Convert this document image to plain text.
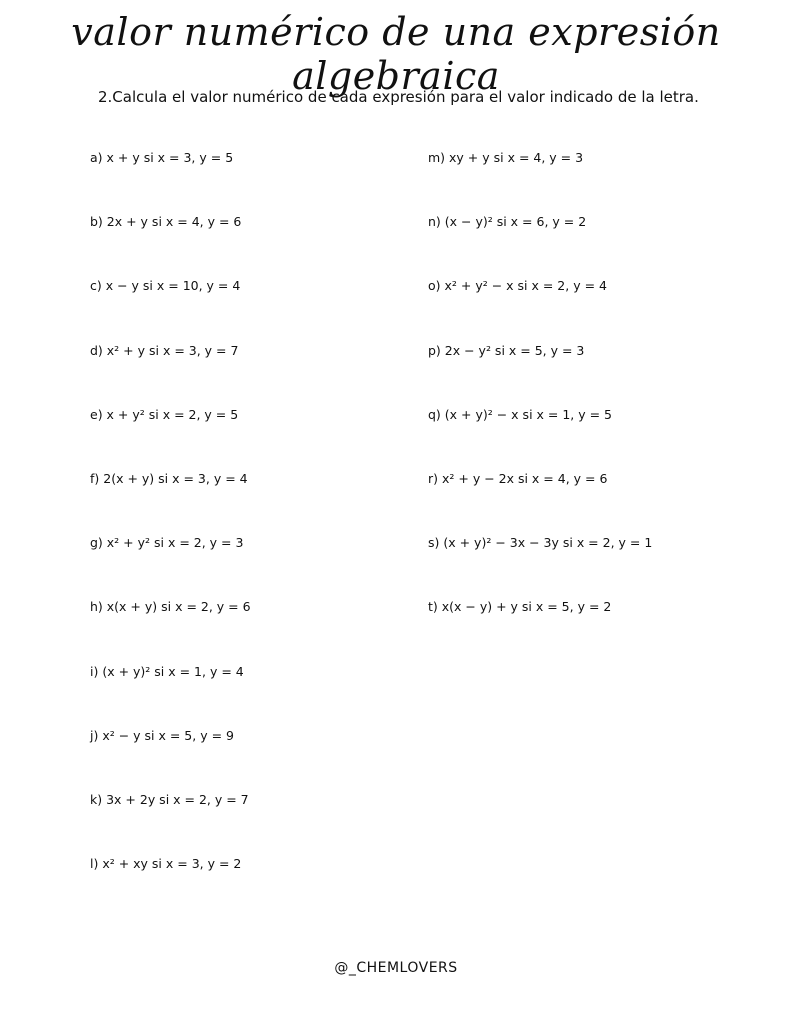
valor numérico de una expresión algebraica
2.Calcula el valor numérico de cada expresión para el valor indicado de la letra.
a) x + y si x = 3, y = 5
b) 2x + y si x = 4, y = 6
c) x − y si x = 10, y = 4
d) x² + y si x = 3, y = 7
e) x + y² si x = 2, y = 5
f) 2(x + y) si x = 3, y = 4
g) x² + y² si x = 2, y = 3
h) x(x + y) si x = 2, y = 6
i) (x + y)² si x = 1, y = 4
j) x² − y si x = 5, y = 9
k) 3x + 2y si x = 2, y = 7
l) x² + xy si x = 3, y = 2
m) xy + y si x = 4, y = 3
n) (x − y)² si x = 6, y = 2
o) x² + y² − x si x = 2, y = 4
p) 2x − y² si x = 5, y = 3
q) (x + y)² − x si x = 1, y = 5
r) x² + y − 2x si x = 4, y = 6
s) (x + y)² − 3x − 3y si x = 2, y = 1
t) x(x − y) + y si x = 5, y = 2
@_CHEMLOVERS
